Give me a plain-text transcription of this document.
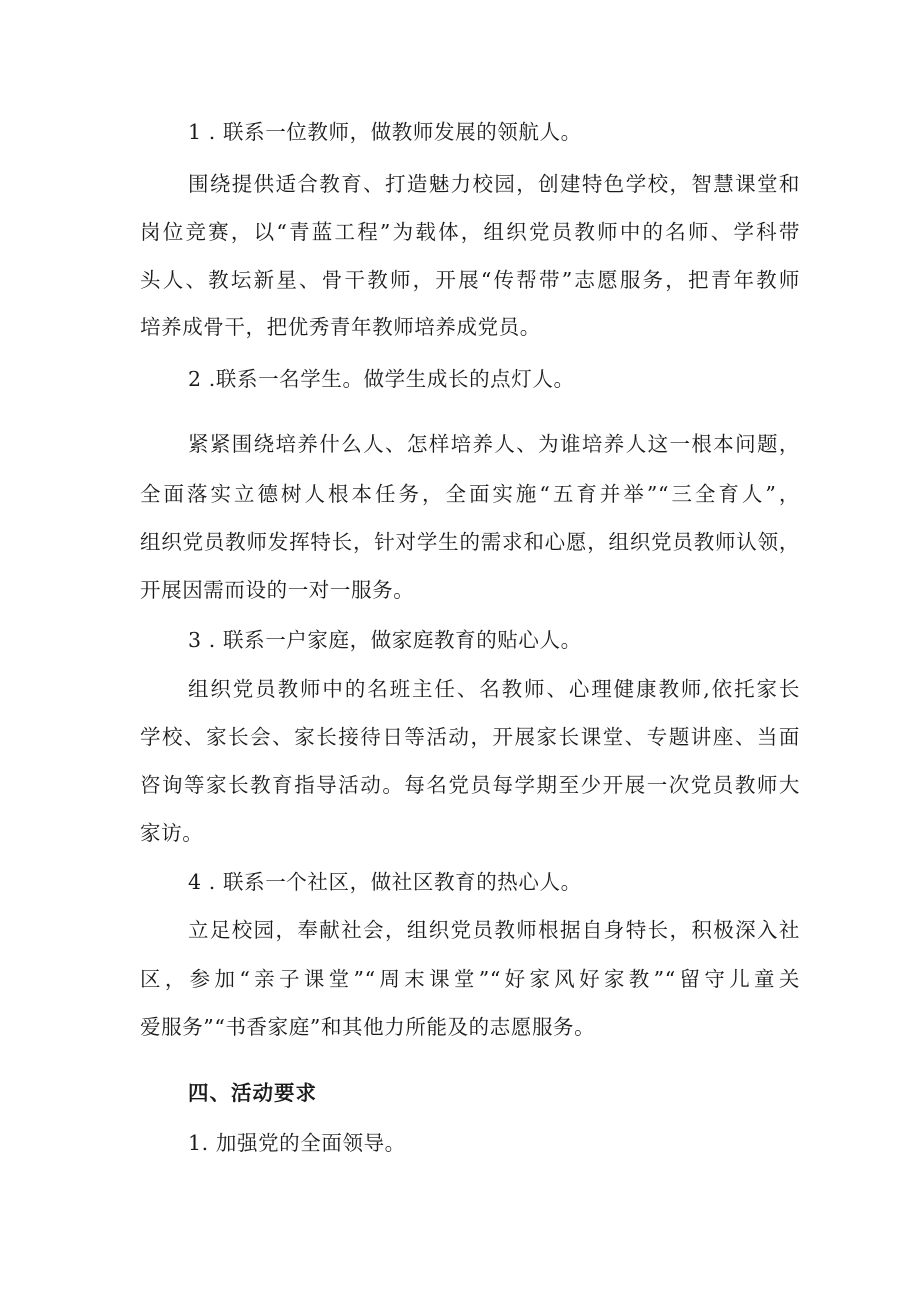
1 . 联系一位教师，做教师发展的领航人。
围绕提供适合教育、打造魅力校园，创建特色学校，智慧课堂和
岗位竞赛，以“青蓝工程”为载体，组织党员教师中的名师、学科带
头人、教坛新星、骨干教师，开展“传帮带”志愿服务，把青年教师
培养成骨干，把优秀青年教师培养成党员。
2 .联系一名学生。做学生成长的点灯人。
紧紧围绕培养什么人、怎样培养人、为谁培养人这一根本问题，
全面落实立德树人根本任务，全面实施“五育并举”“三全育人”，
组织党员教师发挥特长，针对学生的需求和心愿，组织党员教师认领，
开展因需而设的一对一服务。
3 . 联系一户家庭，做家庭教育的贴心人。
组织党员教师中的名班主任、名教师、心理健康教师,依托家长
学校、家长会、家长接待日等活动，开展家长课堂、专题讲座、当面
咨询等家长教育指导活动。每名党员每学期至少开展一次党员教师大
家访。
4 . 联系一个社区，做社区教育的热心人。
立足校园，奉献社会，组织党员教师根据自身特长，积极深入社
区，参加“亲子课堂”“周末课堂”“好家风好家教”“留守儿童关
爱服务”“书香家庭”和其他力所能及的志愿服务。
四、活动要求
1. 加强党的全面领导。
